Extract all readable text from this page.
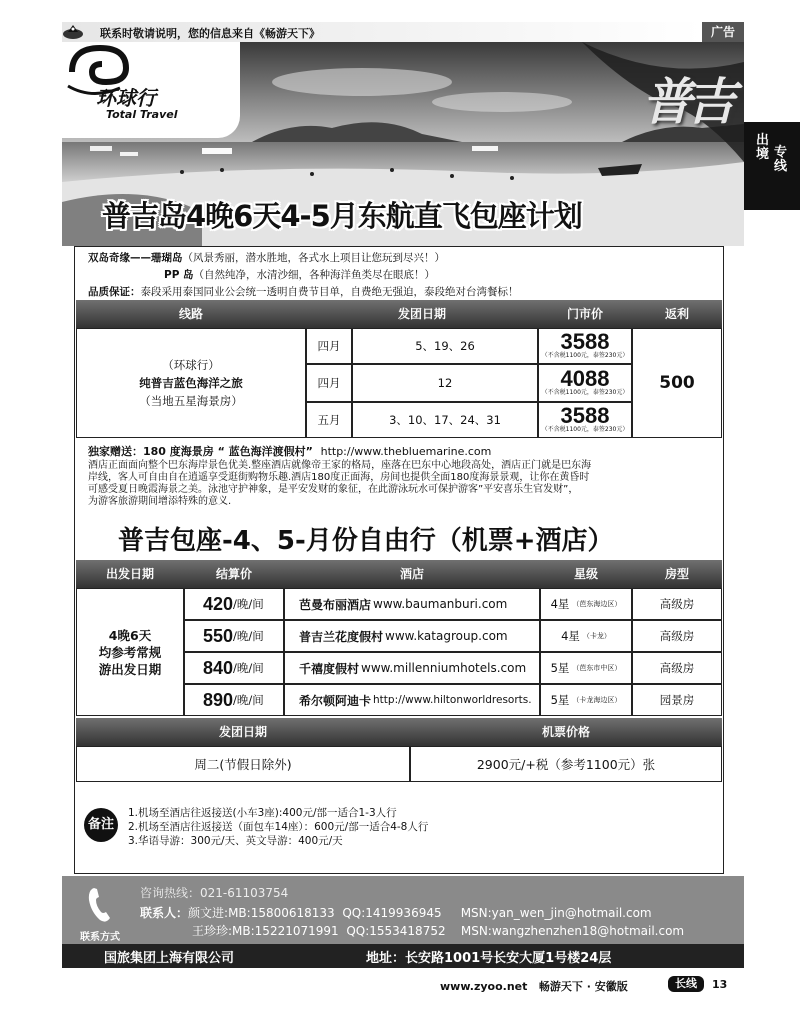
联系时敬请说明，您的信息来自《畅游天下》	广告
出境 专线
环球行
Total Travel	普吉
普吉岛4晚6天4-5月东航直飞包座计划
双岛奇缘——珊瑚岛（风景秀丽，潜水胜地，各式水上项目让您玩到尽兴！）
PP 岛（自然纯净，水清沙细，各种海洋鱼类尽在眼底！）
品质保证：泰段采用泰国同业公会统一透明自费节目单，自费绝无强迫，泰段绝对台湾餐标！
线路	发团日期	门市价	返利
（环球行）
纯普吉蓝色海洋之旅
（当地五星海景房）
四月	5、19、26	3588
（不含税1100元，泰签230元）
四月	12	4088
（不含税1100元，泰签230元）
五月	3、10、17、24、31	3588
（不含税1100元，泰签230元）
500
独家赠送：180 度海景房 “ 蓝色海洋渡假村” http://www.thebluemarine.com
酒店正面面向整个巴东海岸景色优美.整座酒店就像帝王家的格局，座落在巴东中心地段高处，酒店正门就是巴东海
岸线，客人可自由自在逍遥享受逛街购物乐趣.酒店180度正面海，房间也提供全面180度海景景观，让你在黄昏时
可感受夏日晚霞海景之美。泳池守护神象，是平安发财的象征，在此游泳玩水可保护游客”平安喜乐生官发财”，
为游客旅游期间增添特殊的意义.
普吉包座-4、5-月份自由行（机票+酒店）
出发日期	结算价	酒店	星级	房型
4晚6天
均参考常规
游出发日期
420 /晚/间	芭曼布丽酒店 www.baumanburi.com	4星 （芭东海边区）	高级房
550 /晚/间	普吉兰花度假村 www.katagroup.com	4星 （卡龙）	高级房
840 /晚/间	千禧度假村 www.millenniumhotels.com 5星 （芭东市中区）	高级房
890 /晚/间	希尔顿阿迪卡 http://www.hiltonworldresorts. 5星 （卡龙海边区）	园景房
发团日期	机票价格
周二(节假日除外)	2900元/+税（参考1100元）张
备注
1.机场至酒店往返接送(小车3座):400元/部一适合1-3人行
2.机场至酒店往返接送（面包车14座）：600元/部一适合4-8人行
3.华语导游：300元/天、英文导游：400元/天
联系方式
咨询热线：021-61103754
联系人：颜文进:MB:15800618133 QQ:1419936945 MSN:yan_wen_jin@hotmail.com
王珍珍:MB:15221071991 QQ:1553418752 MSN:wangzhenzhen18@hotmail.com
国旅集团上海有限公司	地址：长安路1001号长安大厦1号楼24层
www.zyoo.net 畅游天下 · 安徽版	长线	13
